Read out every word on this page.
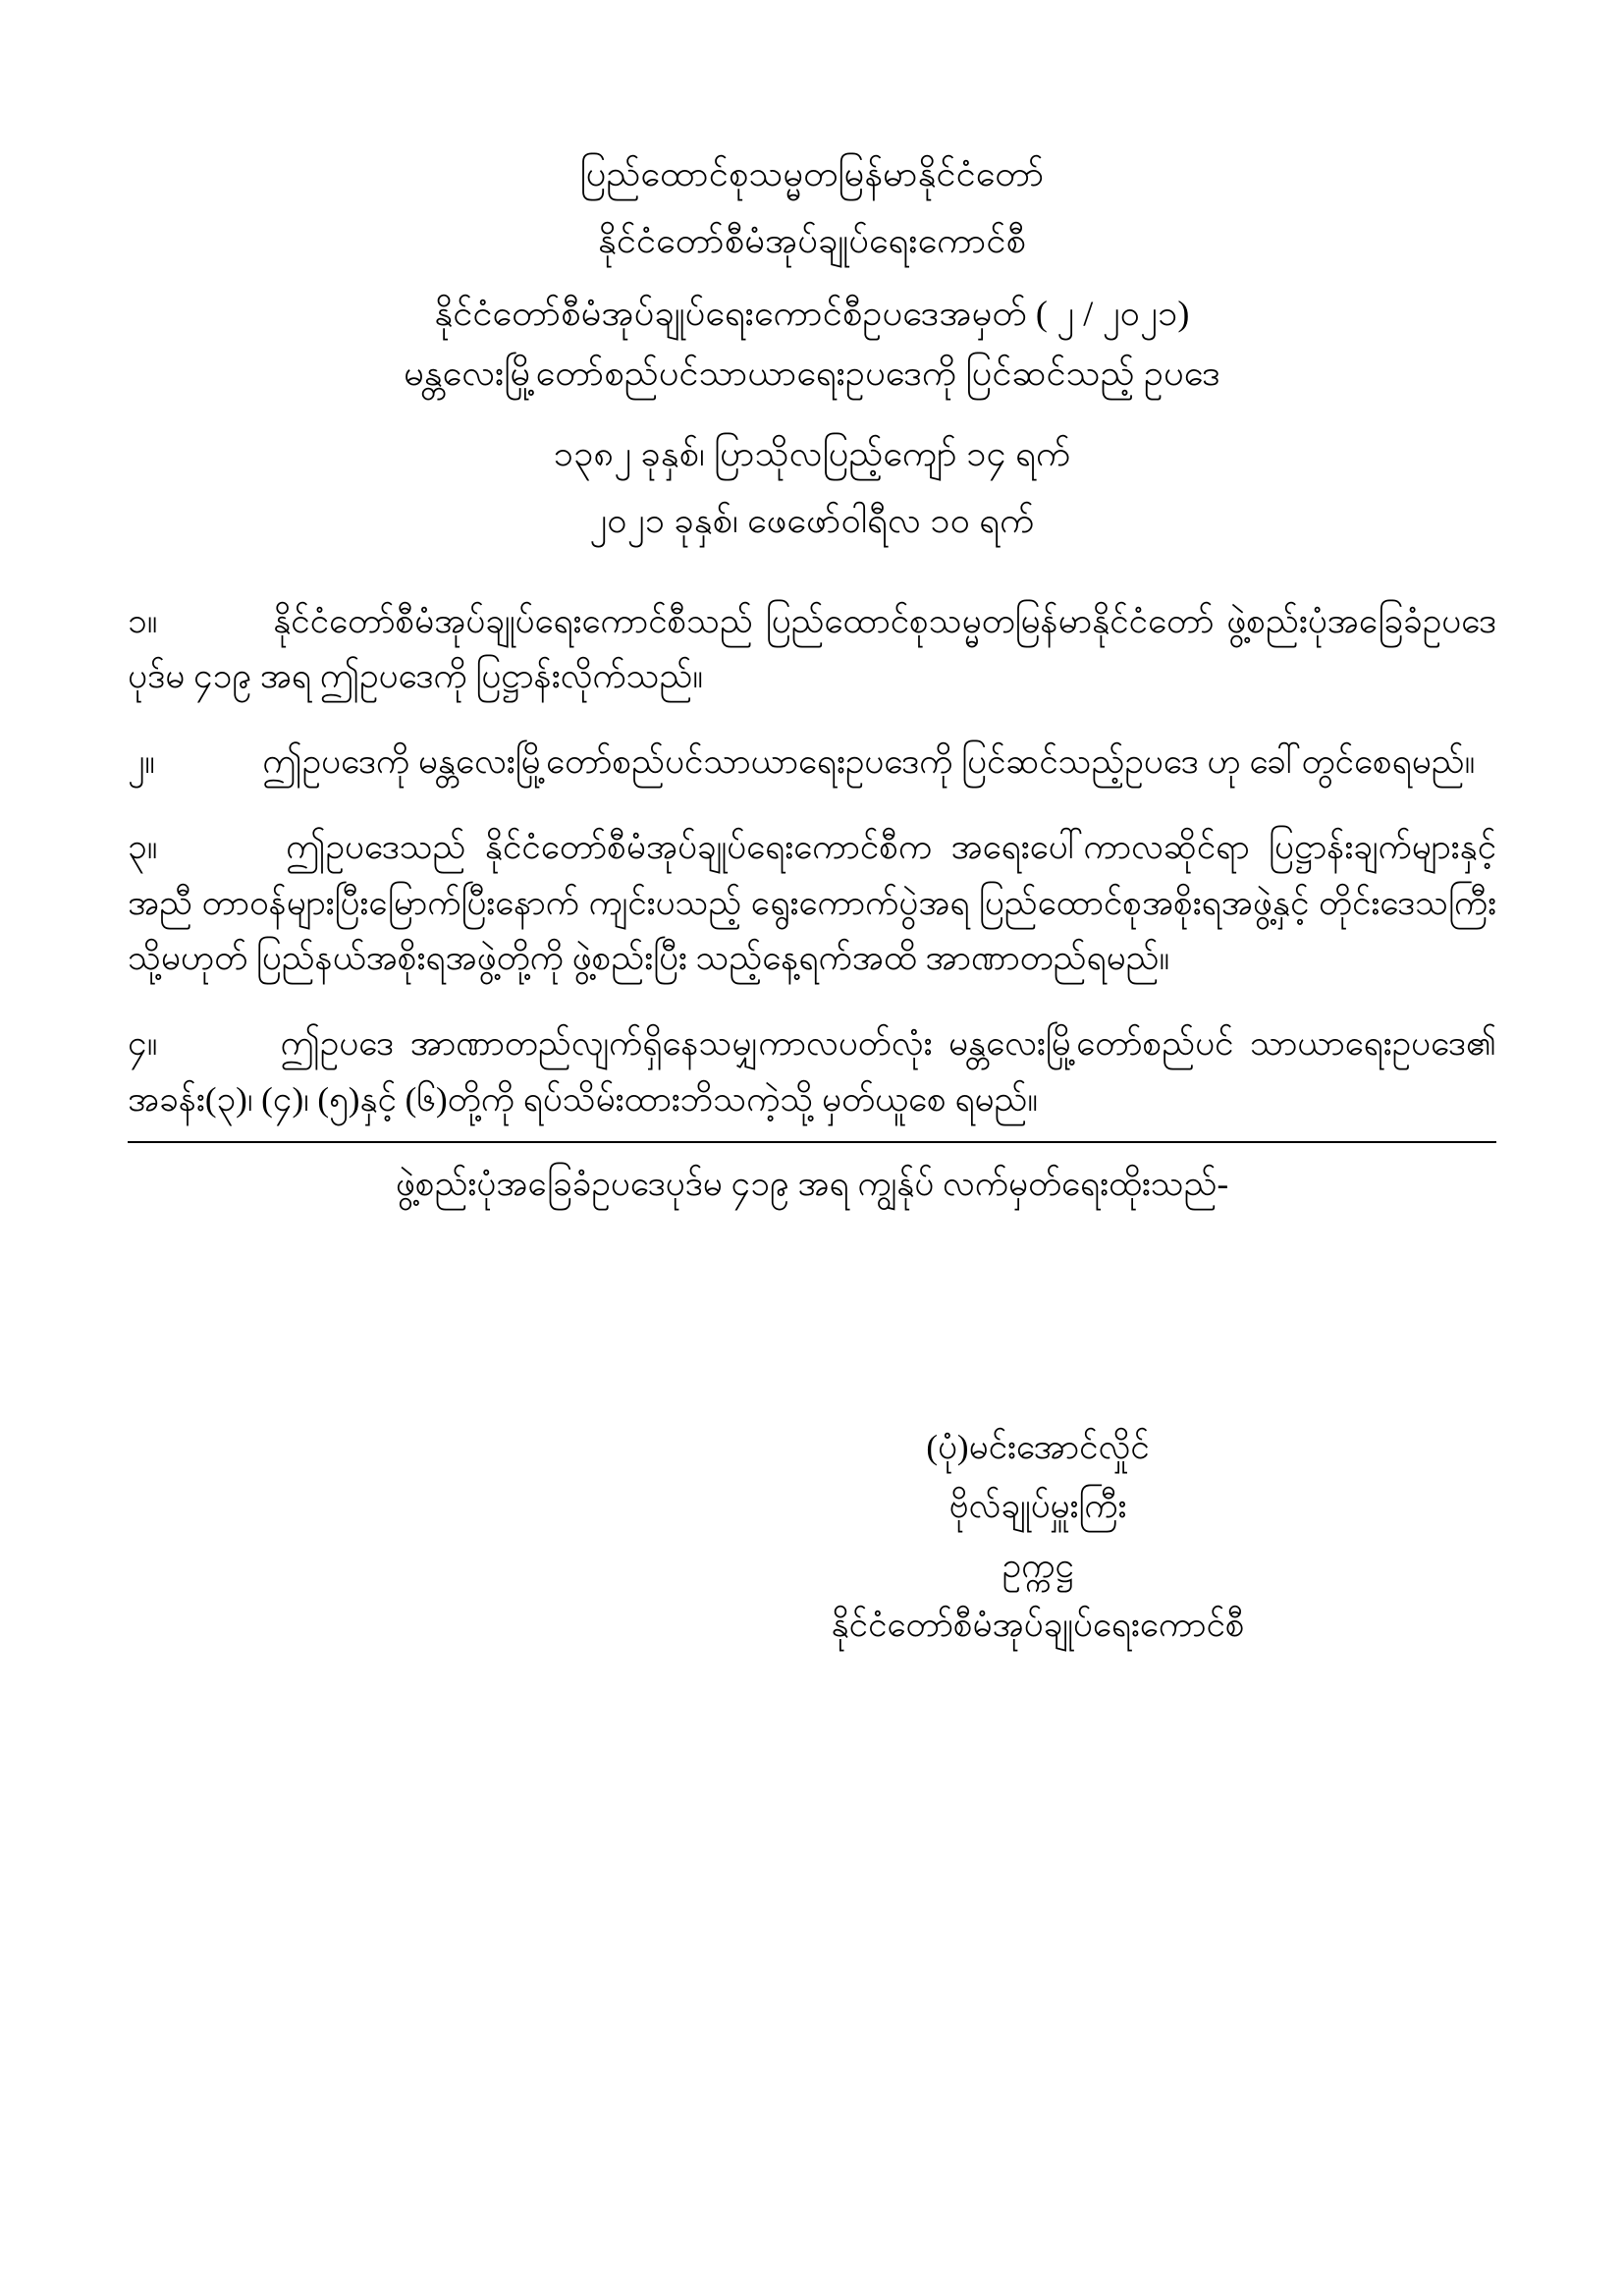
ပြည်ထောင်စုသမ္မတမြန်မာနိုင်ငံတော်
နိုင်ငံတော်စီမံအုပ်ချုပ်ရေးကောင်စီ
နိုင်ငံတော်စီမံအုပ်ချုပ်ရေးကောင်စီဥပဒေအမှတ် ( ၂ / ၂၀၂၁)
မန္တလေးမြို့တော်စည်ပင်သာယာရေးဥပဒေကို ပြင်ဆင်သည့် ဥပဒေ
၁၃၈၂ ခုနှစ်၊ ပြာသိုလပြည့်ကျော် ၁၄ ရက်
၂၀၂၁ ခုနှစ်၊ ဖေဖော်ဝါရီလ ၁၀ ရက်
၁။	နိုင်ငံတော်စီမံအုပ်ချုပ်ရေးကောင်စီသည် ပြည်ထောင်စုသမ္မတမြန်မာနိုင်ငံတော် ဖွဲ့စည်းပုံအခြေခံဥပဒေပုဒ်မ ၄၁၉ အရ ဤဥပဒေကို ပြဋ္ဌာန်းလိုက်သည်။
၂။	ဤဥပဒေကို မန္တလေးမြို့တော်စည်ပင်သာယာရေးဥပဒေကို ပြင်ဆင်သည့်ဥပဒေ ဟု ခေါ်တွင်စေရမည်။
၃။	ဤဥပဒေသည် နိုင်ငံတော်စီမံအုပ်ချုပ်ရေးကောင်စီက အရေးပေါ်ကာလဆိုင်ရာ ပြဋ္ဌာန်းချက်များနှင့်အညီ တာဝန်များပြီးမြောက်ပြီးနောက် ကျင်းပသည့် ရွေးကောက်ပွဲအရ ပြည်ထောင်စုအစိုးရအဖွဲ့နှင့် တိုင်းဒေသကြီး သို့မဟုတ် ပြည်နယ်အစိုးရအဖွဲ့တို့ကို ဖွဲ့စည်းပြီး သည့်နေ့ရက်အထိ အာဏာတည်ရမည်။
၄။	ဤဥပဒေ အာဏာတည်လျက်ရှိနေသမျှကာလပတ်လုံး မန္တလေးမြို့တော်စည်ပင် သာယာရေးဥပဒေ၏ အခန်း(၃)၊ (၄)၊ (၅)နှင့် (၆)တို့ကို ရပ်သိမ်းထားဘိသကဲ့သို့ မှတ်ယူစေ ရမည်။
ဖွဲ့စည်းပုံအခြေခံဥပဒေပုဒ်မ ၄၁၉ အရ ကျွန်ုပ် လက်မှတ်ရေးထိုးသည်-
(ပုံ)မင်းအောင်လှိုင်
ဗိုလ်ချုပ်မှူးကြီး
ဥက္ကဋ္ဌ
နိုင်ငံတော်စီမံအုပ်ချုပ်ရေးကောင်စီ
